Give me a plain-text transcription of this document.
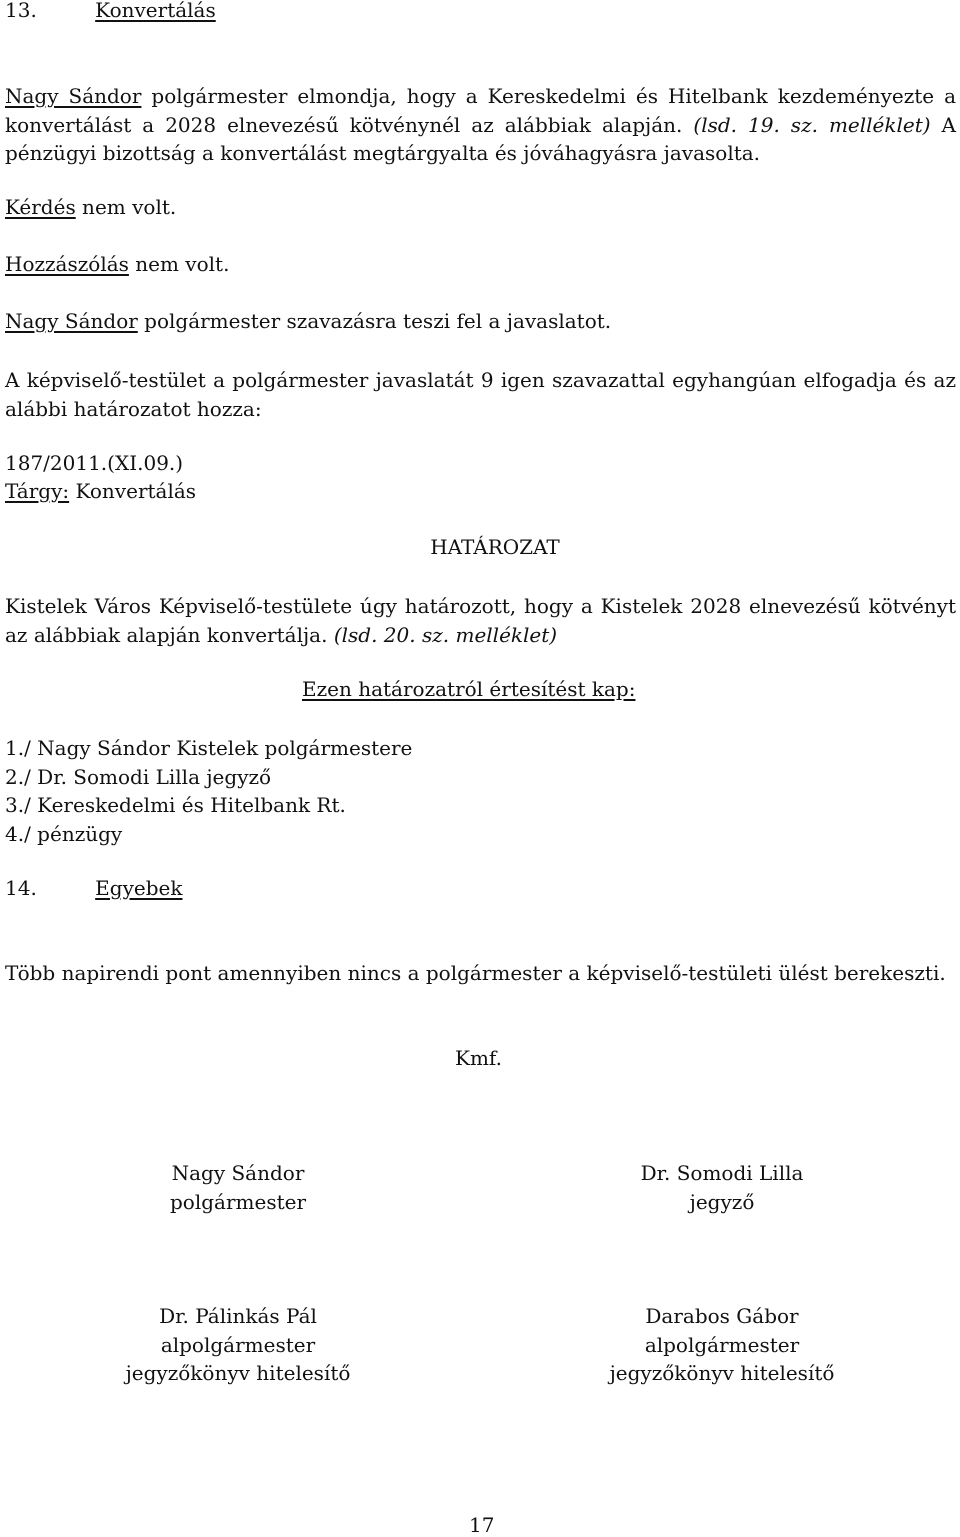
13.	Konvertálás
Nagy Sándor polgármester elmondja, hogy a Kereskedelmi és Hitelbank kezdeményezte a konvertálást a 2028 elnevezésű kötvénynél az alábbiak alapján. (lsd. 19. sz. melléklet) A pénzügyi bizottság a konvertálást megtárgyalta és jóváhagyásra javasolta.
Kérdés nem volt.
Hozzászólás nem volt.
Nagy Sándor polgármester szavazásra teszi fel a javaslatot.
A képviselő-testület a polgármester javaslatát 9 igen szavazattal egyhangúan elfogadja és az alábbi határozatot hozza:
187/2011.(XI.09.)
Tárgy: Konvertálás
HATÁROZAT
Kistelek Város Képviselő-testülete úgy határozott, hogy a Kistelek 2028 elnevezésű kötvényt az alábbiak alapján konvertálja. (lsd. 20. sz. melléklet)
Ezen határozatról értesítést kap:
1./ Nagy Sándor Kistelek polgármestere
2./ Dr. Somodi Lilla jegyző
3./ Kereskedelmi és Hitelbank Rt.
4./ pénzügy
14.	Egyebek
Több napirendi pont amennyiben nincs a polgármester a képviselő-testületi ülést berekeszti.
Kmf.
Nagy Sándor
polgármester
Dr. Somodi Lilla
jegyző
Dr. Pálinkás Pál
alpolgármester
jegyzőkönyv hitelesítő
Darabos Gábor
alpolgármester
jegyzőkönyv hitelesítő
17
